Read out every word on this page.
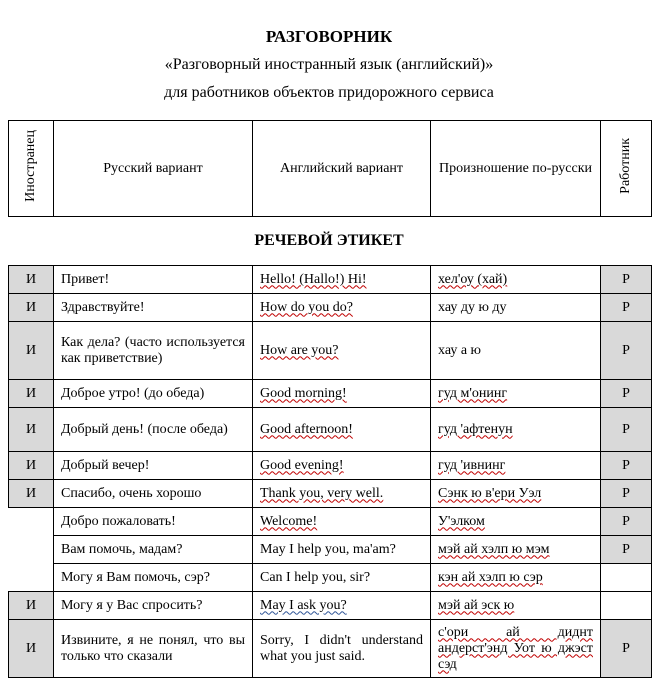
РАЗГОВОРНИК
«Разговорный иностранный язык (английский)»
для работников объектов придорожного сервиса
Иностранец	Русский вариант	Английский вариант	Произношение по-русски	Работник
РЕЧЕВОЙ ЭТИКЕТ
И	Привет!	Hello! (Hallo!) Hi!	хел'оу (хай)	Р
И	Здравствуйте!	How do you do?	хау ду ю ду	Р
И	Как дела? (часто используется как приветствие)	How are you?	хау а ю	Р
И	Доброе утро! (до обеда)	Good morning!	гуд м'онинг	Р
И	Добрый день! (после обеда)	Good afternoon!	гуд 'афтенун	Р
И	Добрый вечер!	Good evening!	гуд 'ивнинг	Р
И	Спасибо, очень хорошо	Thank you, very well.	Сэнк ю в'ери Уэл	Р
	Добро пожаловать!	Welcome!	У'элком	Р
	Вам помочь, мадам?	May I help you, ma'am?	мэй ай хэлп ю мэм	Р
	Могу я Вам помочь, сэр?	Can I help you, sir?	кэн ай хэлп ю сэр	
И	Могу я у Вас спросить?	May I ask you?	мэй ай эск ю	
И	Извините, я не понял, что вы только что сказали	Sorry, I didn't understand what you just said.	с'ори ай диднт андерст'энд Уот ю джэст сэд	Р
